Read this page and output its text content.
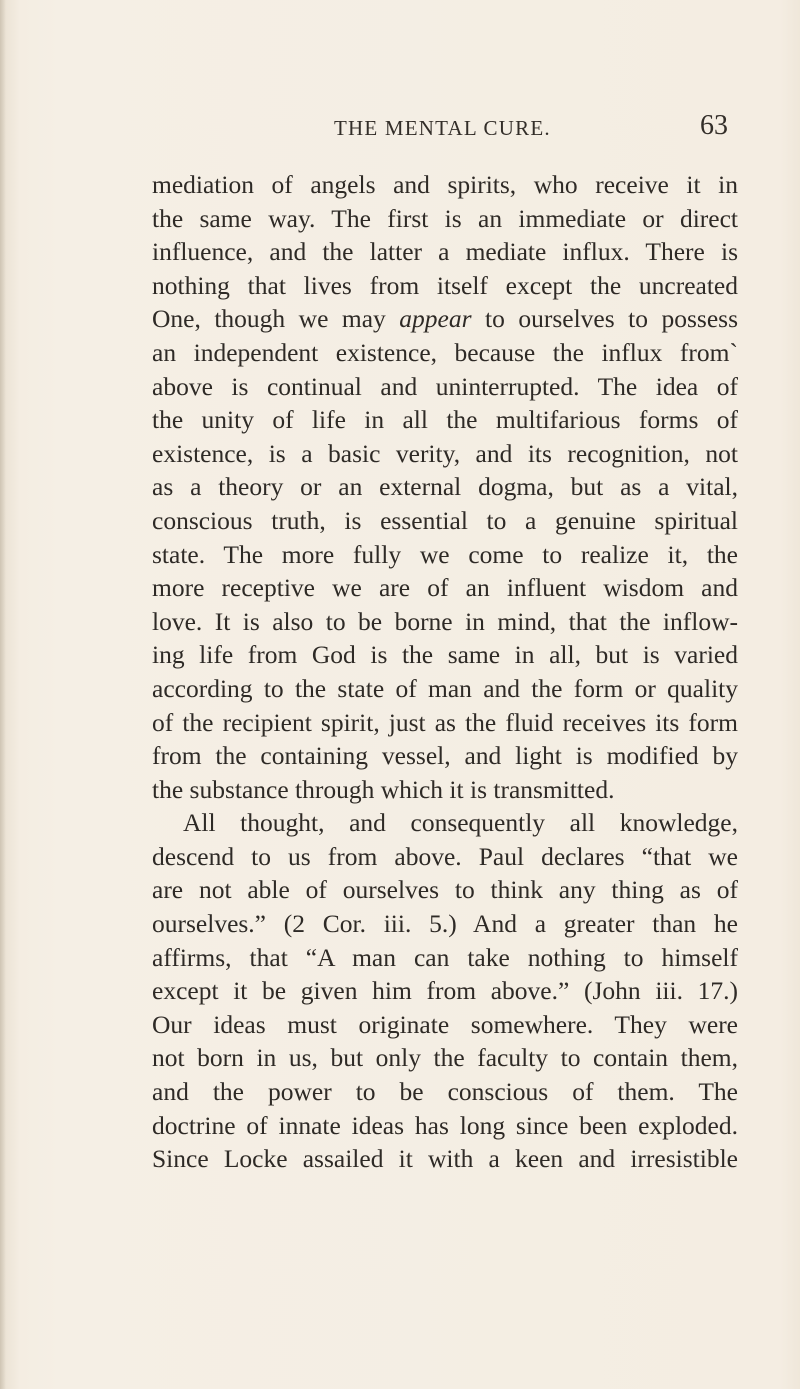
THE MENTAL CURE.	63
mediation of angels and spirits, who receive it in
the same way. The first is an immediate or direct
influence, and the latter a mediate influx. There is
nothing that lives from itself except the uncreated
One, though we may appear to ourselves to possess
an independent existence, because the influx from`
above is continual and uninterrupted. The idea of
the unity of life in all the multifarious forms of
existence, is a basic verity, and its recognition, not
as a theory or an external dogma, but as a vital,
conscious truth, is essential to a genuine spiritual
state. The more fully we come to realize it, the
more receptive we are of an influent wisdom and
love. It is also to be borne in mind, that the inflow-
ing life from God is the same in all, but is varied
according to the state of man and the form or quality
of the recipient spirit, just as the fluid receives its form
from the containing vessel, and light is modified by
the substance through which it is transmitted.
All thought, and consequently all knowledge,
descend to us from above. Paul declares “that we
are not able of ourselves to think any thing as of
ourselves.” (2 Cor. iii. 5.) And a greater than he
affirms, that “A man can take nothing to himself
except it be given him from above.” (John iii. 17.)
Our ideas must originate somewhere. They were
not born in us, but only the faculty to contain them,
and the power to be conscious of them. The
doctrine of innate ideas has long since been exploded.
Since Locke assailed it with a keen and irresistible
